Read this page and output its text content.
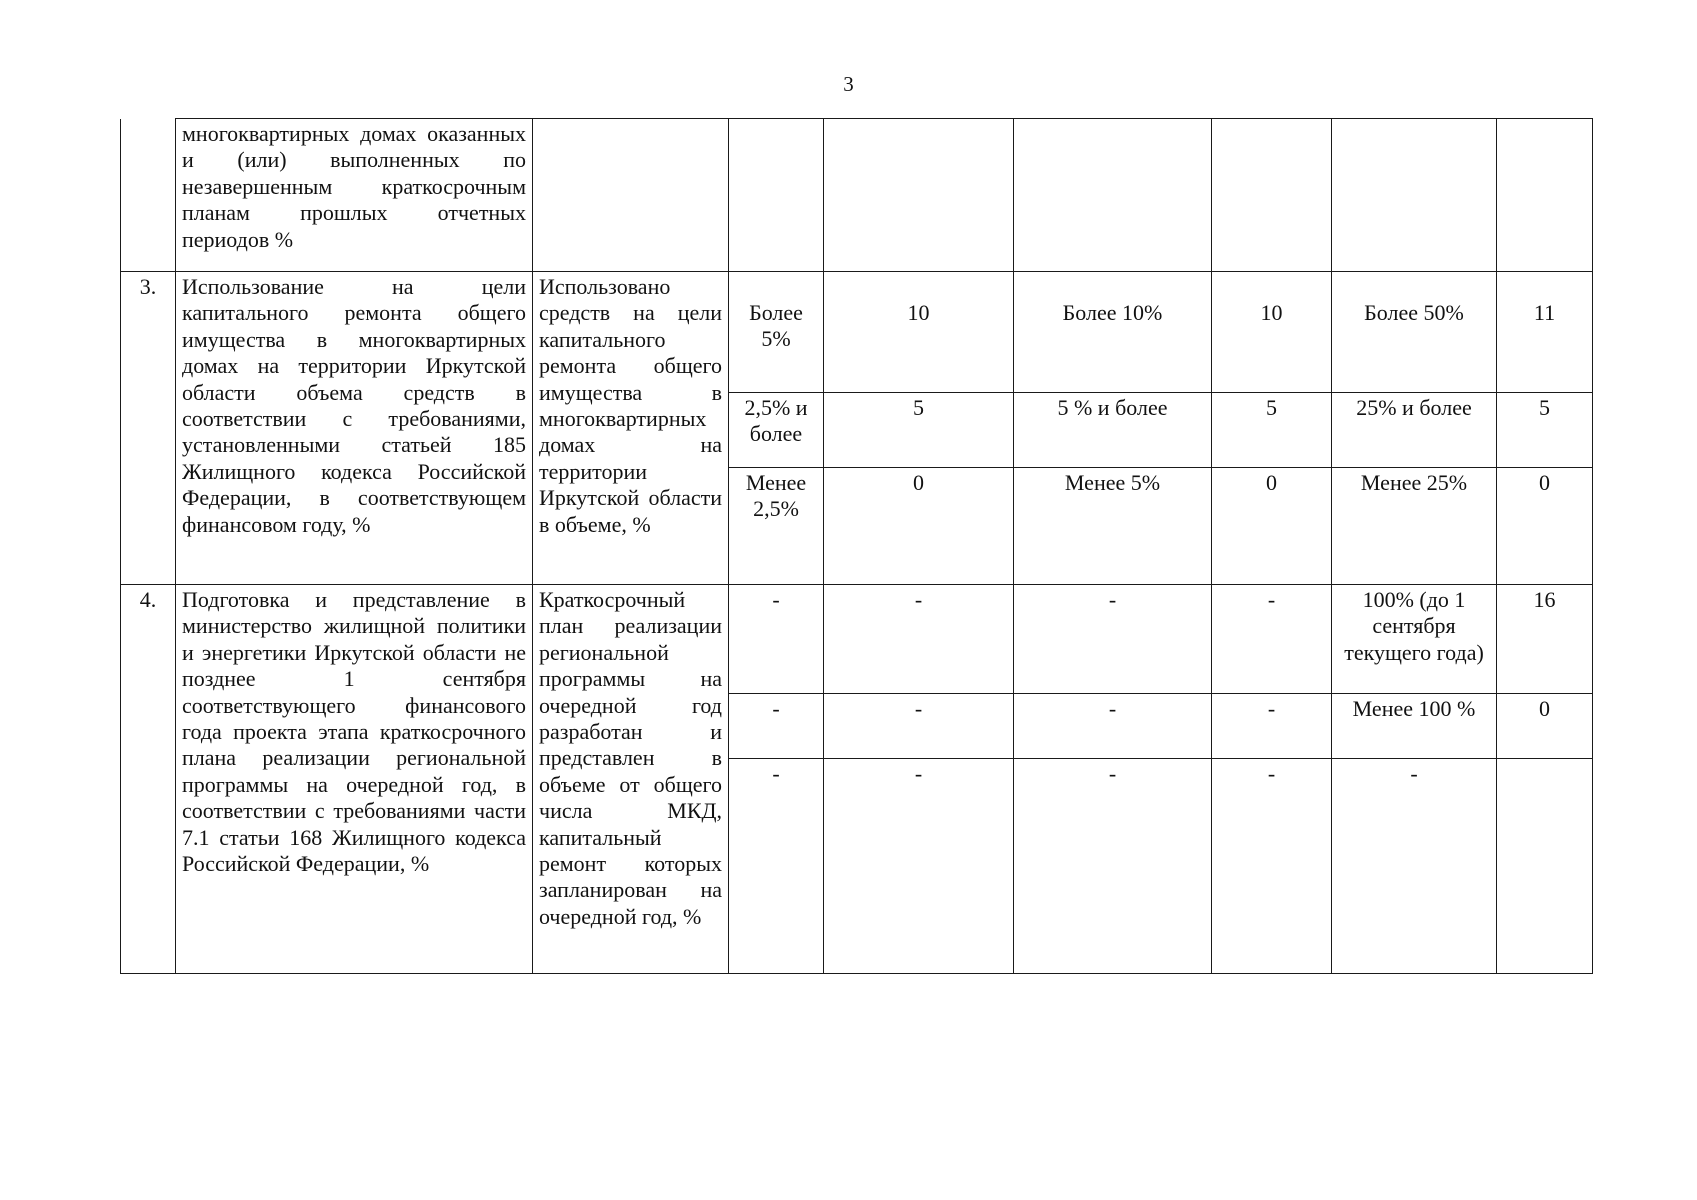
3
	многоквартирных домах оказанных и (или) выполненных по незавершенным краткосрочным планам прошлых отчетных периодов %							
3.	Использование на цели капитального ремонта общего имущества в многоквартирных домах на территории Иркутской области объема средств в соответствии с требованиями, установленными статьей 185 Жилищного кодекса Российской Федерации, в соответствующем финансовом году, %	Использовано средств на цели капитального ремонта общего имущества в многоквартирных домах на территории Иркутской области в объеме, %	Более 5%	10	Более 10%	10	Более 50%	11
			2,5% и более	5	5 % и более	5	25% и более	5
			Менее 2,5%	0	Менее 5%	0	Менее 25%	0
4.	Подготовка и представление в министерство жилищной политики и энергетики Иркутской области не позднее 1 сентября соответствующего финансового года проекта этапа краткосрочного плана реализации региональной программы на очередной год, в соответствии с требованиями части 7.1 статьи 168 Жилищного кодекса Российской Федерации, %	Краткосрочный план реализации региональной программы на очередной год разработан и представлен в объеме от общего числа МКД, капитальный ремонт которых запланирован на очередной год, %	-	-	-	-	100% (до 1 сентября текущего года)	16
			-	-	-	-	Менее 100 %	0
			-	-	-	-	-	
